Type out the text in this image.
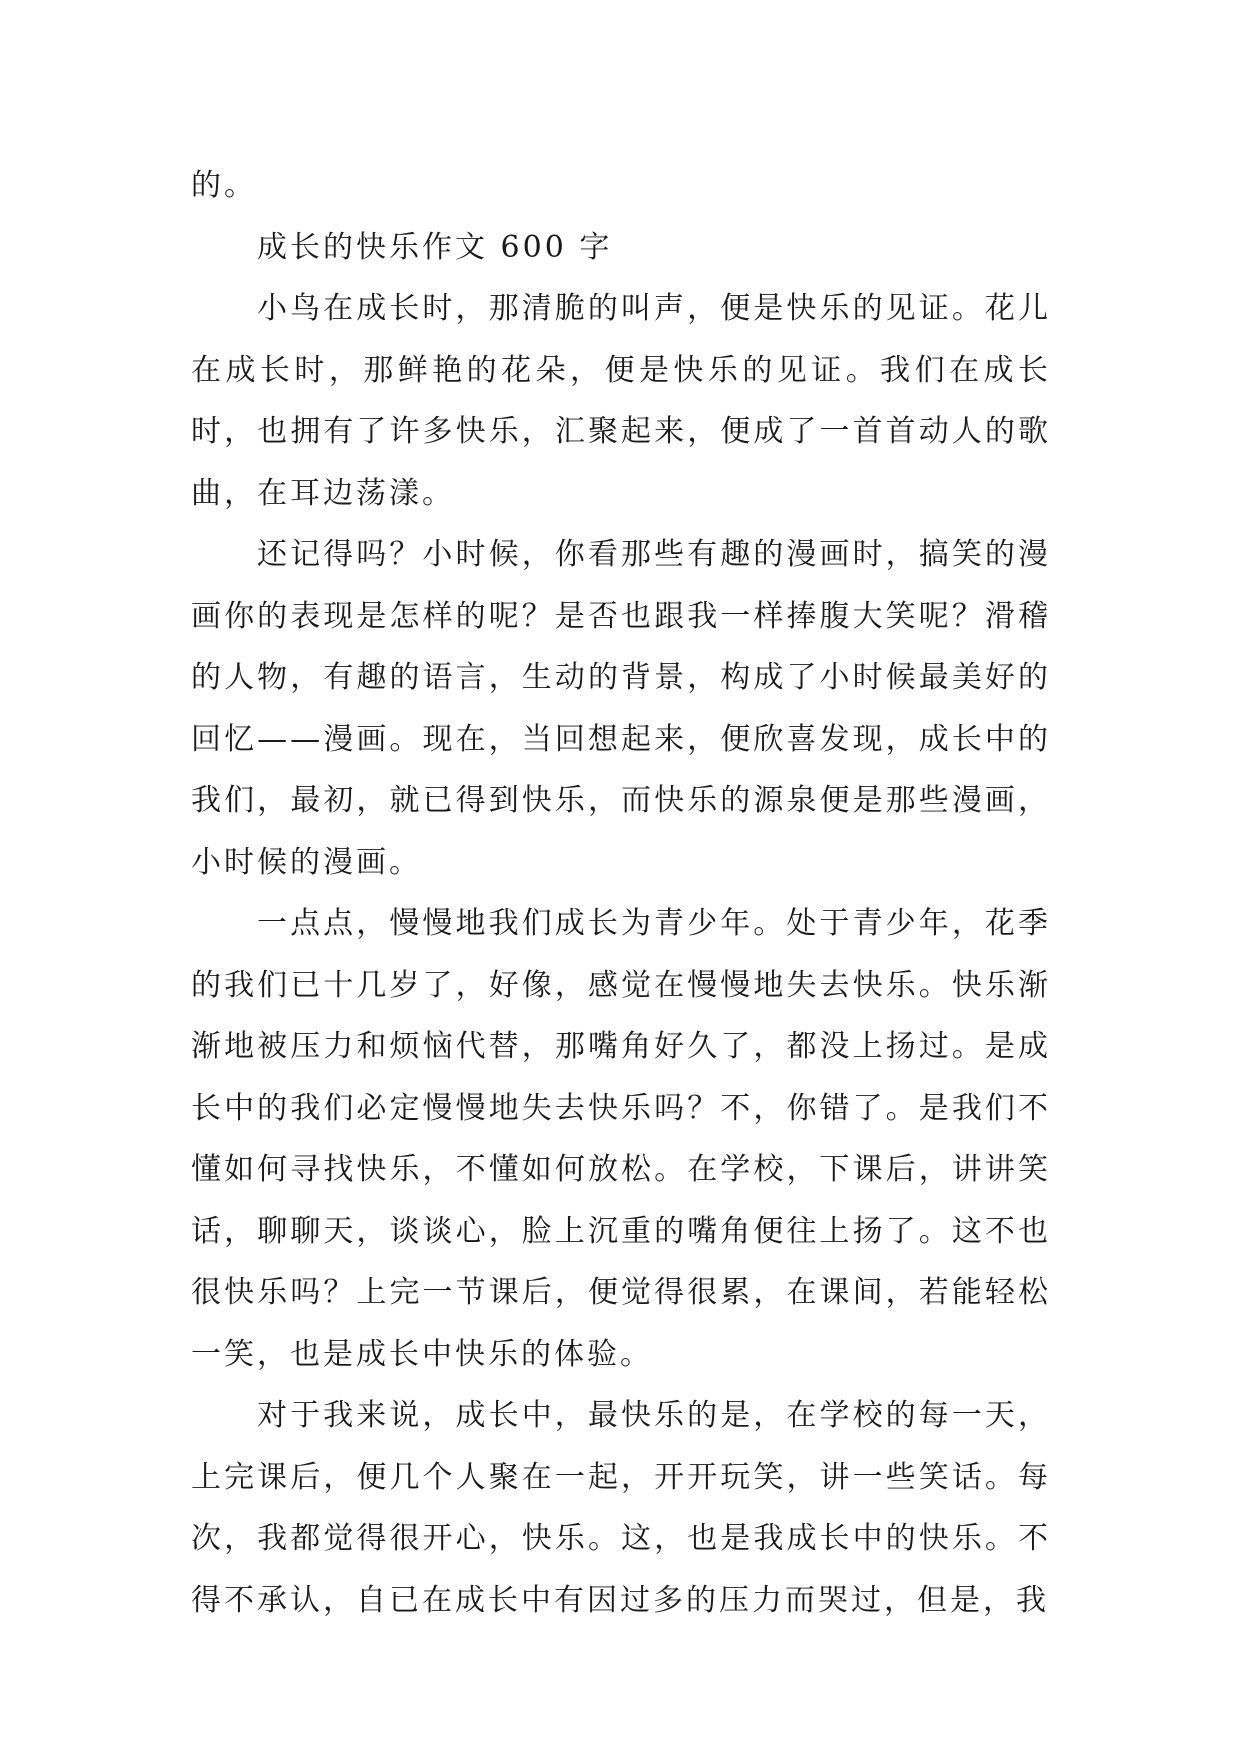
的。

成长的快乐作文 600 字

小鸟在成长时，那清脆的叫声，便是快乐的见证。花儿在成长时，那鲜艳的花朵，便是快乐的见证。我们在成长时，也拥有了许多快乐，汇聚起来，便成了一首首动人的歌曲，在耳边荡漾。

还记得吗？小时候，你看那些有趣的漫画时，搞笑的漫画你的表现是怎样的呢？是否也跟我一样捧腹大笑呢？滑稽的人物，有趣的语言，生动的背景，构成了小时候最美好的回忆——漫画。现在，当回想起来，便欣喜发现，成长中的我们，最初，就已得到快乐，而快乐的源泉便是那些漫画，小时候的漫画。

一点点，慢慢地我们成长为青少年。处于青少年，花季的我们已十几岁了，好像，感觉在慢慢地失去快乐。快乐渐渐地被压力和烦恼代替，那嘴角好久了，都没上扬过。是成长中的我们必定慢慢地失去快乐吗？不，你错了。是我们不懂如何寻找快乐，不懂如何放松。在学校，下课后，讲讲笑话，聊聊天，谈谈心，脸上沉重的嘴角便往上扬了。这不也很快乐吗？上完一节课后，便觉得很累，在课间，若能轻松一笑，也是成长中快乐的体验。

对于我来说，成长中，最快乐的是，在学校的每一天，上完课后，便几个人聚在一起，开开玩笑，讲一些笑话。每次，我都觉得很开心，快乐。这，也是我成长中的快乐。不得不承认，自已在成长中有因过多的压力而哭过，但是，我
